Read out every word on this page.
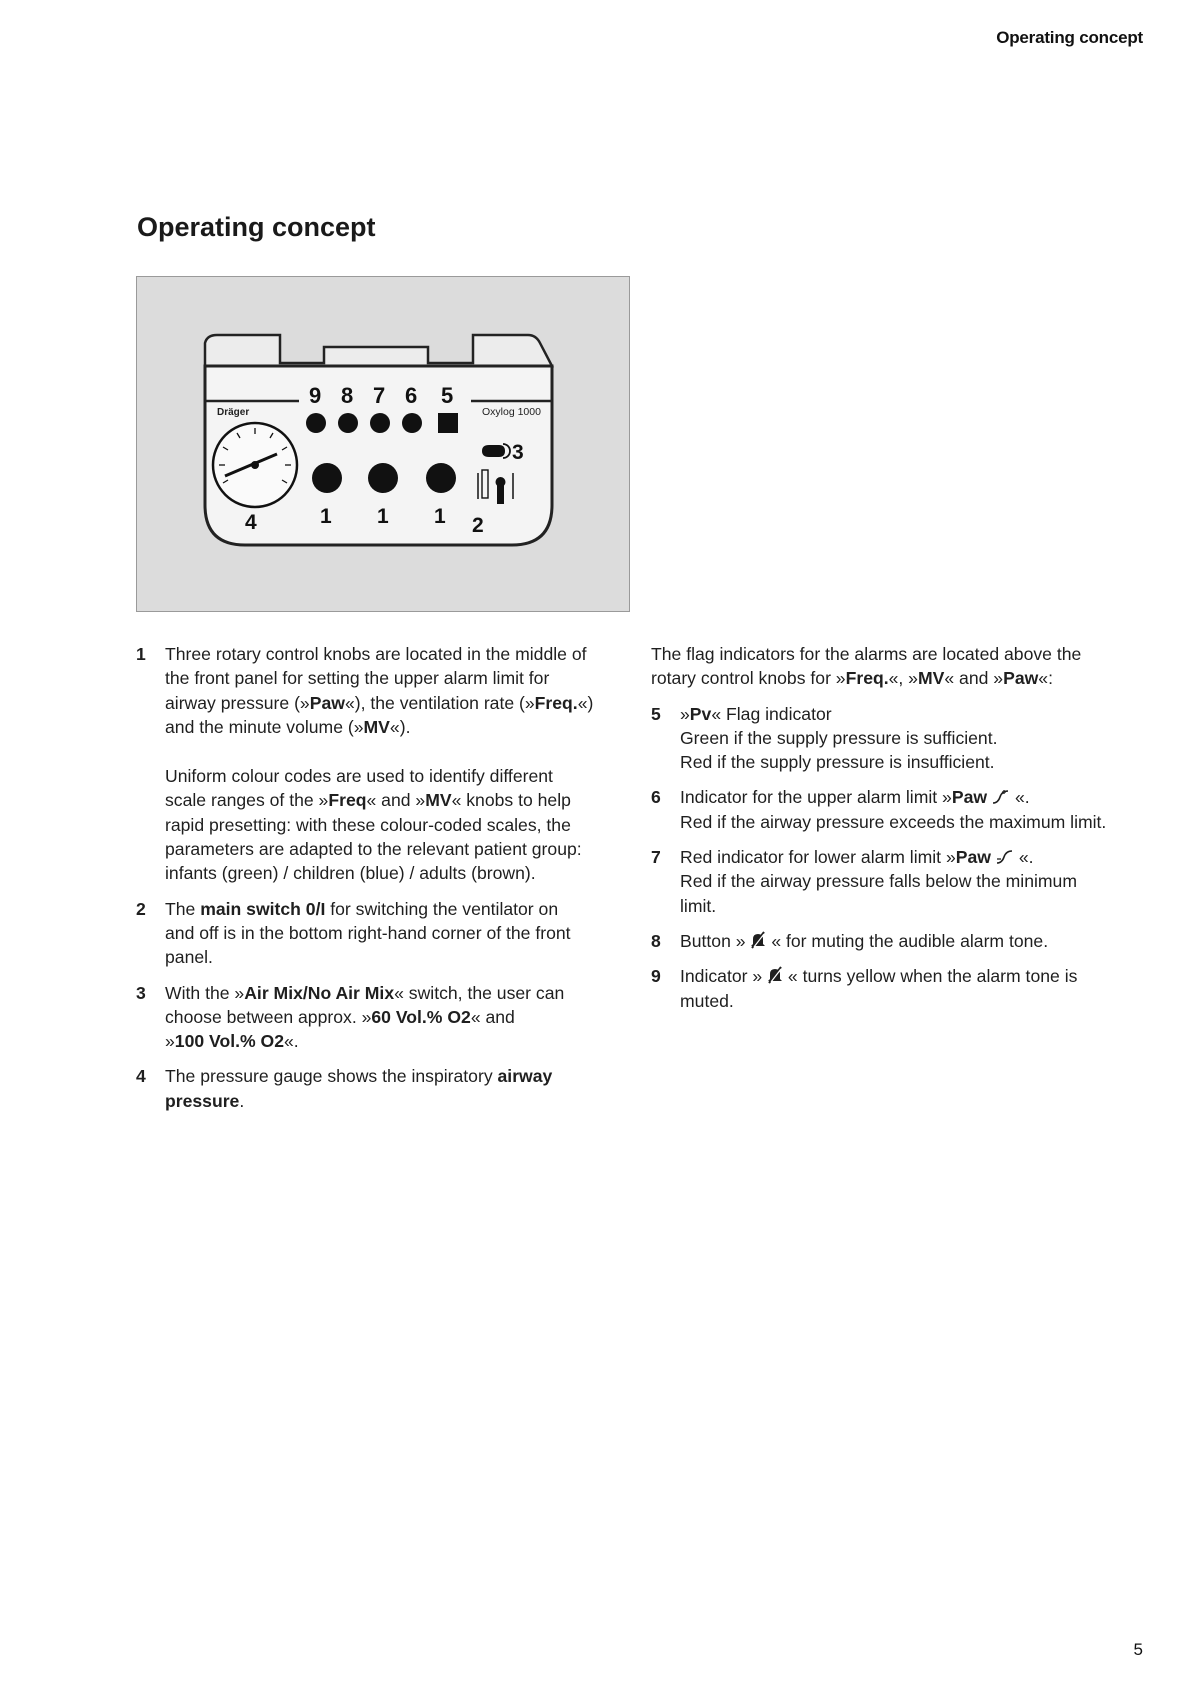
Operating concept
Operating concept
Dräger	Oxylog 1000
9 8 7 6 5
3
4	1 1 1 2
1 Three rotary control knobs are located in the middle of
the front panel for setting the upper alarm limit for
airway pressure (»Paw«), the ventilation rate (»Freq.«)
and the minute volume (»MV«).
Uniform colour codes are used to identify different
scale ranges of the »Freq« and »MV« knobs to help
rapid presetting: with these colour-coded scales, the
parameters are adapted to the relevant patient group:
infants (green) / children (blue) / adults (brown).
2 The main switch 0/I for switching the ventilator on
and off is in the bottom right-hand corner of the front
panel.
3 With the »Air Mix/No Air Mix« switch, the user can
choose between approx. »60 Vol.% O2« and
»100 Vol.% O2«.
4 The pressure gauge shows the inspiratory airway
pressure.
The flag indicators for the alarms are located above the
rotary control knobs for »Freq.«, »MV« and »Paw«:
5 »Pv« Flag indicator
Green if the supply pressure is sufficient.
Red if the supply pressure is insufficient.
6 Indicator for the upper alarm limit »Paw «.
Red if the airway pressure exceeds the maximum limit.
7 Red indicator for lower alarm limit »Paw «.
Red if the airway pressure falls below the minimum
limit.
8 Button »  « for muting the audible alarm tone.
9 Indicator »  « turns yellow when the alarm tone is
muted.
5
